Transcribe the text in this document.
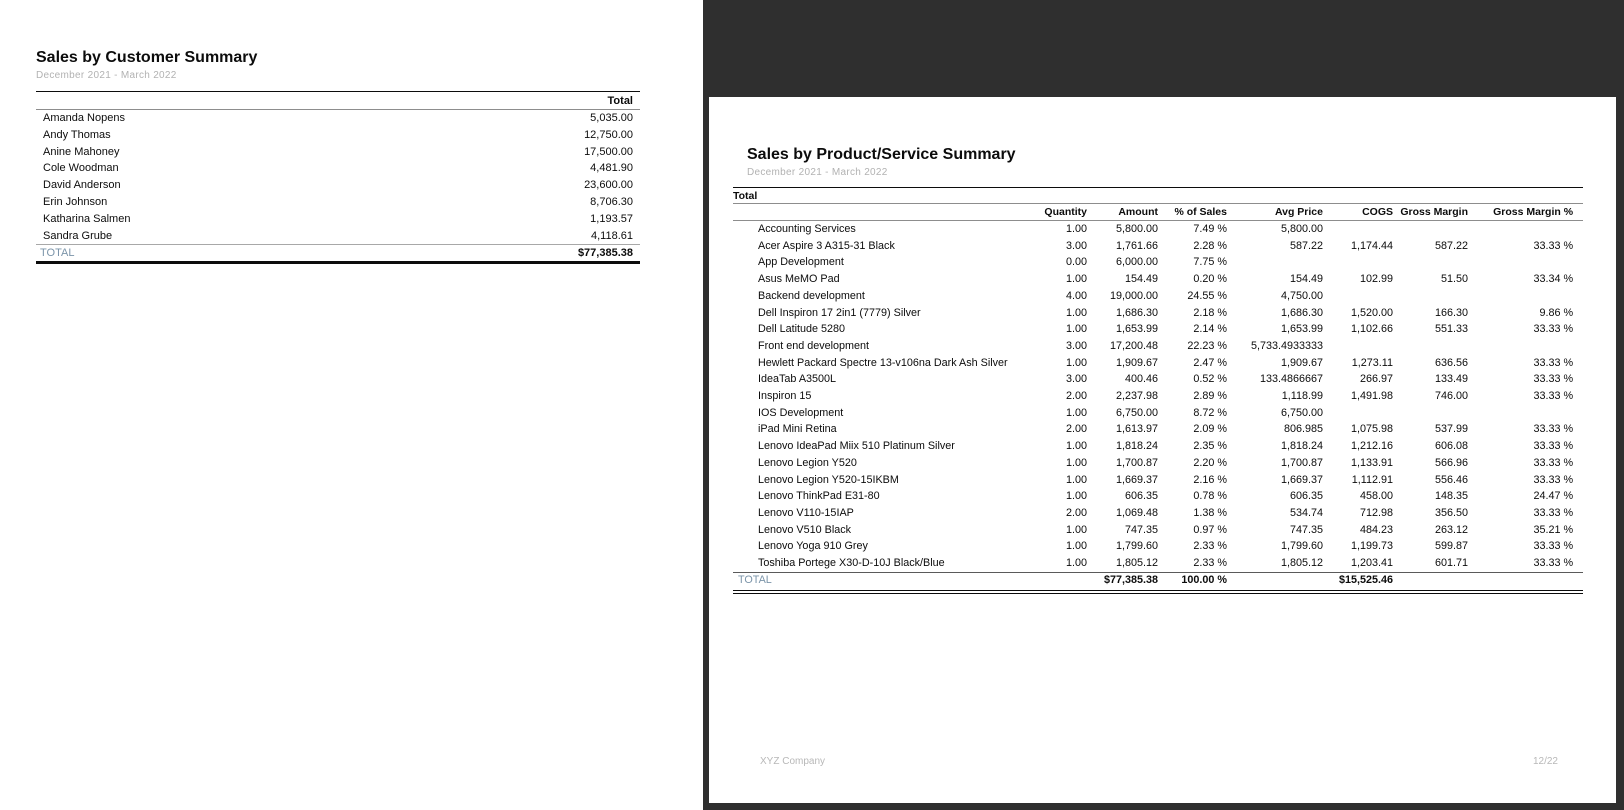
Sales by Customer Summary
December 2021 - March 2022
	Total
Amanda Nopens	5,035.00
Andy Thomas	12,750.00
Anine Mahoney	17,500.00
Cole Woodman	4,481.90
David Anderson	23,600.00
Erin Johnson	8,706.30
Katharina Salmen	1,193.57
Sandra Grube	4,118.61
TOTAL	$77,385.38
Sales by Product/Service Summary
December 2021 - March 2022
Total							
	Quantity	Amount	% of Sales	Avg Price	COGS	Gross Margin	Gross Margin %
Accounting Services	1.00	5,800.00	7.49 %	5,800.00			
Acer Aspire 3 A315-31 Black	3.00	1,761.66	2.28 %	587.22	1,174.44	587.22	33.33 %
App Development	0.00	6,000.00	7.75 %				
Asus MeMO Pad	1.00	154.49	0.20 %	154.49	102.99	51.50	33.34 %
Backend development	4.00	19,000.00	24.55 %	4,750.00			
Dell Inspiron 17 2in1 (7779) Silver	1.00	1,686.30	2.18 %	1,686.30	1,520.00	166.30	9.86 %
Dell Latitude 5280	1.00	1,653.99	2.14 %	1,653.99	1,102.66	551.33	33.33 %
Front end development	3.00	17,200.48	22.23 %	5,733.4933333			
Hewlett Packard Spectre 13-v106na Dark Ash Silver	1.00	1,909.67	2.47 %	1,909.67	1,273.11	636.56	33.33 %
IdeaTab A3500L	3.00	400.46	0.52 %	133.4866667	266.97	133.49	33.33 %
Inspiron 15	2.00	2,237.98	2.89 %	1,118.99	1,491.98	746.00	33.33 %
IOS Development	1.00	6,750.00	8.72 %	6,750.00			
iPad Mini Retina	2.00	1,613.97	2.09 %	806.985	1,075.98	537.99	33.33 %
Lenovo IdeaPad Miix 510 Platinum Silver	1.00	1,818.24	2.35 %	1,818.24	1,212.16	606.08	33.33 %
Lenovo Legion Y520	1.00	1,700.87	2.20 %	1,700.87	1,133.91	566.96	33.33 %
Lenovo Legion Y520-15IKBM	1.00	1,669.37	2.16 %	1,669.37	1,112.91	556.46	33.33 %
Lenovo ThinkPad E31-80	1.00	606.35	0.78 %	606.35	458.00	148.35	24.47 %
Lenovo V110-15IAP	2.00	1,069.48	1.38 %	534.74	712.98	356.50	33.33 %
Lenovo V510 Black	1.00	747.35	0.97 %	747.35	484.23	263.12	35.21 %
Lenovo Yoga 910 Grey	1.00	1,799.60	2.33 %	1,799.60	1,199.73	599.87	33.33 %
Toshiba Portege X30-D-10J Black/Blue	1.00	1,805.12	2.33 %	1,805.12	1,203.41	601.71	33.33 %
TOTAL		$77,385.38	100.00 %		$15,525.46		
XYZ Company	12/22
